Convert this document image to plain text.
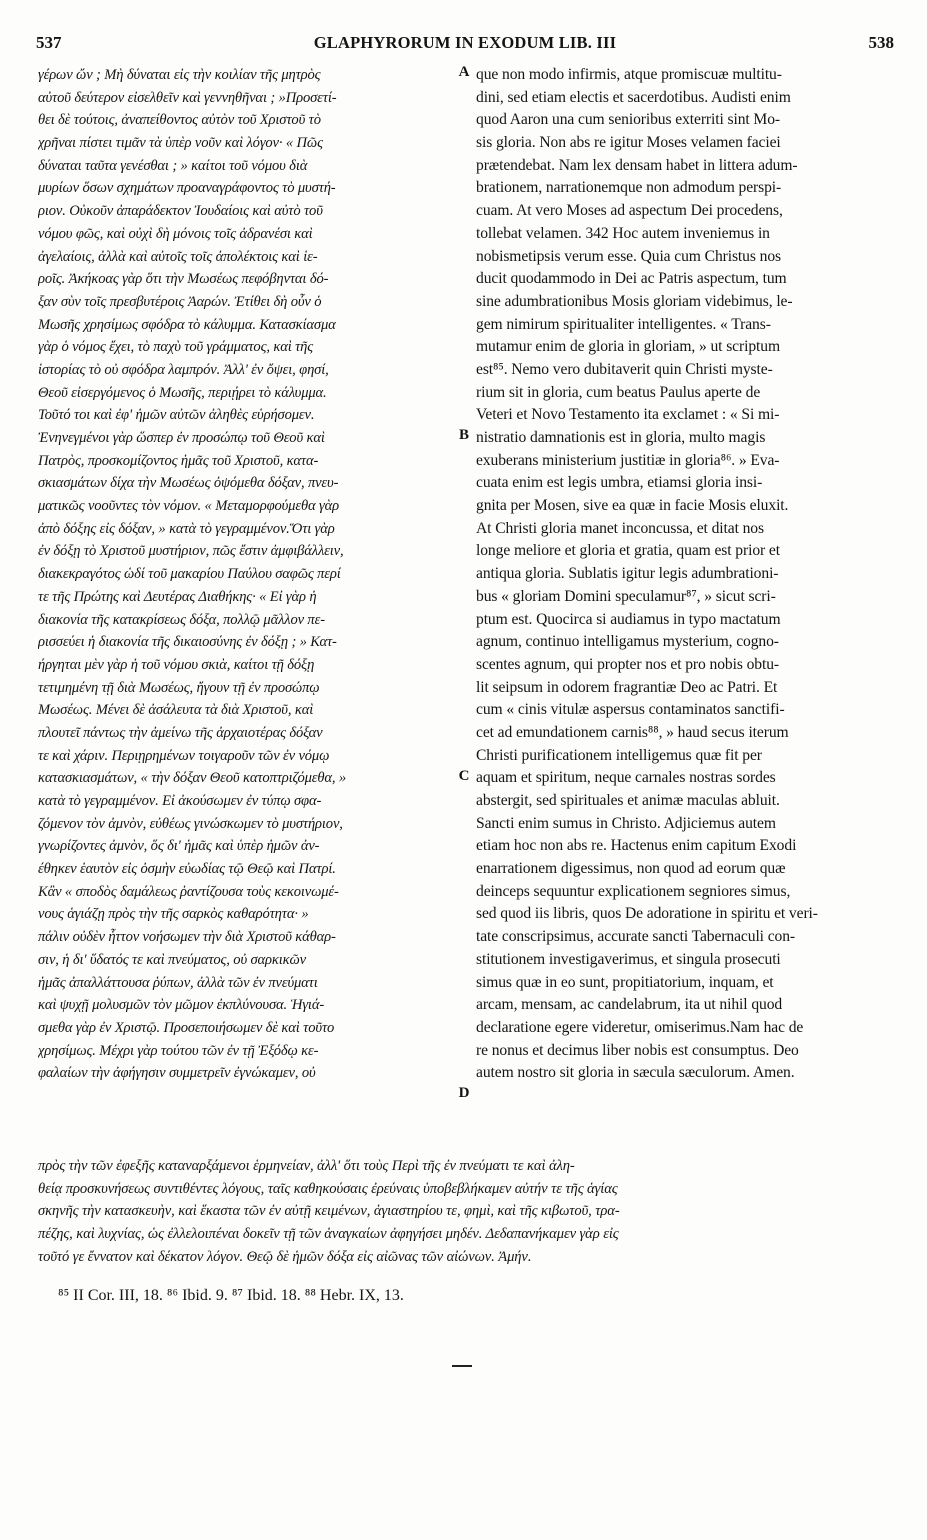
537	GLAPHYRORUM IN EXODUM LIB. III	538
γέρων ὤν ; Μὴ δύναται εἰς τὴν κοιλίαν τῆς μητρὸς
αὐτοῦ δεύτερον εἰσελθεῖν καὶ γεννηθῆναι ; »Προσετί-
θει δὲ τούτοις, ἀναπείθοντος αὐτὸν τοῦ Χριστοῦ τὸ
χρῆναι πίστει τιμᾶν τὰ ὑπὲρ νοῦν καὶ λόγον· « Πῶς
δύναται ταῦτα γενέσθαι ; » καίτοι τοῦ νόμου διὰ
μυρίων ὅσων σχημάτων προαναγράφοντος τὸ μυστή-
ριον. Οὐκοῦν ἀπαράδεκτον Ἰουδαίοις καὶ αὐτὸ τοῦ
νόμου φῶς, καὶ οὐχὶ δὴ μόνοις τοῖς ἀδρανέσι καὶ
ἀγελαίοις, ἀλλὰ καὶ αὐτοῖς τοῖς ἀπολέκτοις καὶ ἱε-
ροῖς. Ἀκήκοας γὰρ ὅτι τὴν Μωσέως πεφόβηνται δό-
ξαν σὺν τοῖς πρεσβυτέροις Ἀαρών. Ἐτίθει δὴ οὖν ὁ
Μωσῆς χρησίμως σφόδρα τὸ κάλυμμα. Κατασκίασμα
γὰρ ὁ νόμος ἔχει, τὸ παχὺ τοῦ γράμματος, καὶ τῆς
ἱστορίας τὸ οὐ σφόδρα λαμπρόν. Ἀλλ' ἐν ὄψει, φησί,
Θεοῦ εἰσεργόμενος ὁ Μωσῆς, περιῄρει τὸ κάλυμμα.
Τοῦτό τοι καὶ ἐφ' ἡμῶν αὐτῶν ἀληθὲς εὑρήσομεν.
Ἐνηνεγμένοι γὰρ ὥσπερ ἐν προσώπῳ τοῦ Θεοῦ καὶ
Πατρὸς, προσκομίζοντος ἡμᾶς τοῦ Χριστοῦ, κατα-
σκιασμάτων δίχα τὴν Μωσέως ὀψόμεθα δόξαν, πνευ-
ματικῶς νοοῦντες τὸν νόμον. « Μεταμορφούμεθα γὰρ
ἀπὸ δόξης εἰς δόξαν, » κατὰ τὸ γεγραμμένον.Ὅτι γὰρ
ἐν δόξῃ τὸ Χριστοῦ μυστήριον, πῶς ἔστιν ἀμφιβάλλειν,
διακεκραγότος ὡδί τοῦ μακαρίου Παύλου σαφῶς περί
τε τῆς Πρώτης καὶ Δευτέρας Διαθήκης· « Εἰ γὰρ ἡ
διακονία τῆς κατακρίσεως δόξα, πολλῷ μᾶλλον πε-
ρισσεύει ἡ διακονία τῆς δικαιοσύνης ἐν δόξῃ ; » Κατ-
ήργηται μὲν γὰρ ἡ τοῦ νόμου σκιὰ, καίτοι τῇ δόξῃ
τετιμημένη τῇ διὰ Μωσέως, ἤγουν τῇ ἐν προσώπῳ
Μωσέως. Μένει δὲ ἀσάλευτα τὰ διὰ Χριστοῦ, καὶ
πλουτεῖ πάντως τὴν ἀμείνω τῆς ἀρχαιοτέρας δόξαν
τε καὶ χάριν. Περιῃρημένων τοιγαροῦν τῶν ἐν νόμῳ
κατασκιασμάτων, « τὴν δόξαν Θεοῦ κατοπτριζόμεθα, »
κατὰ τὸ γεγραμμένον. Εἰ ἀκούσωμεν ἐν τύπῳ σφα-
ζόμενον τὸν ἀμνὸν, εὐθέως γινώσκωμεν τὸ μυστήριον,
γνωρίζοντες ἀμνὸν, ὅς δι' ἡμᾶς καὶ ὑπὲρ ἡμῶν ἀν-
έθηκεν ἑαυτὸν εἰς ὀσμὴν εὐωδίας τῷ Θεῷ καὶ Πατρί.
Κἂν « σποδὸς δαμάλεως ῥαντίζουσα τοὺς κεκοινωμέ-
νους ἁγιάζῃ πρὸς τὴν τῆς σαρκὸς καθαρότητα· »
πάλιν οὐδὲν ἧττον νοήσωμεν τὴν διὰ Χριστοῦ κάθαρ-
σιν, ἡ δι' ὕδατός τε καὶ πνεύματος, οὐ σαρκικῶν
ἡμᾶς ἀπαλλάττουσα ῥύπων, ἀλλὰ τῶν ἐν πνεύματι
καὶ ψυχῇ μολυσμῶν τὸν μῶμον ἐκπλύνουσα. Ἡγιά-
σμεθα γὰρ ἐν Χριστῷ. Προσεποιήσωμεν δὲ καὶ τοῦτο
χρησίμως. Μέχρι γὰρ τούτου τῶν ἐν τῇ Ἐξόδῳ κε-
φαλαίων τὴν ἀφήγησιν συμμετρεῖν ἐγνώκαμεν, οὐ
que non modo infirmis, atque promiscuæ multitu-
dini, sed etiam electis et sacerdotibus. Audisti enim
quod Aaron una cum senioribus exterriti sint Mo-
sis gloria. Non abs re igitur Moses velamen faciei
prætendebat. Nam lex densam habet in littera adum-
brationem, narrationemque non admodum perspi-
cuam. At vero Moses ad aspectum Dei procedens,
tollebat velamen. 342 Hoc autem inveniemus in
nobismetipsis verum esse. Quia cum Christus nos
ducit quodammodo in Dei ac Patris aspectum, tum
sine adumbrationibus Mosis gloriam videbimus, le-
gem nimirum spiritualiter intelligentes. « Trans-
mutamur enim de gloria in gloriam, » ut scriptum
est⁸⁵. Nemo vero dubitaverit quin Christi myste-
rium sit in gloria, cum beatus Paulus aperte de
Veteri et Novo Testamento ita exclamet : « Si mi-
nistratio damnationis est in gloria, multo magis
exuberans ministerium justitiæ in gloria⁸⁶. » Eva-
cuata enim est legis umbra, etiamsi gloria insi-
gnita per Mosen, sive ea quæ in facie Mosis eluxit.
At Christi gloria manet inconcussa, et ditat nos
longe meliore et gloria et gratia, quam est prior et
antiqua gloria. Sublatis igitur legis adumbrationi-
bus « gloriam Domini speculamur⁸⁷, » sicut scri-
ptum est. Quocirca si audiamus in typo mactatum
agnum, continuo intelligamus mysterium, cogno-
scentes agnum, qui propter nos et pro nobis obtu-
lit seipsum in odorem fragrantiæ Deo ac Patri. Et
cum « cinis vitulæ aspersus contaminatos sanctifi-
cet ad emundationem carnis⁸⁸, » haud secus iterum
Christi purificationem intelligemus quæ fit per
aquam et spiritum, neque carnales nostras sordes
abstergit, sed spirituales et animæ maculas abluit.
Sancti enim sumus in Christo. Adjiciemus autem
etiam hoc non abs re. Hactenus enim capitum Exodi
enarrationem digessimus, non quod ad eorum quæ
deinceps sequuntur explicationem segniores simus,
sed quod iis libris, quos De adoratione in spiritu et veri-
tate conscripsimus, accurate sancti Tabernaculi con-
stitutionem investigaverimus, et singula prosecuti
simus quæ in eo sunt, propitiatorium, inquam, et
arcam, mensam, ac candelabrum, ita ut nihil quod
declaratione egere videretur, omiserimus.Nam hac de
re nonus et decimus liber nobis est consumptus. Deo
autem nostro sit gloria in sæcula sæculorum. Amen.
A
B
C
D
πρὸς τὴν τῶν ἐφεξῆς καταναρξάμενοι ἑρμηνείαν, ἀλλ' ὅτι τοὺς Περὶ τῆς ἐν πνεύματι τε καὶ ἀλη-
θείᾳ προσκυνήσεως συντιθέντες λόγους, ταῖς καθηκούσαις ἐρεύναις ὑποβεβλήκαμεν αὐτήν τε τῆς ἁγίας
σκηνῆς τὴν κατασκευὴν, καὶ ἕκαστα τῶν ἐν αὐτῇ κειμένων, ἁγιαστηρίου τε, φημὶ, καὶ τῆς κιβωτοῦ, τρα-
πέζης, καὶ λυχνίας, ὡς ἐλλελοιπέναι δοκεῖν τῇ τῶν ἀναγκαίων ἀφηγήσει μηδέν. Δεδαπανήκαμεν γὰρ εἰς
τοῦτό γε ἔννατον καὶ δέκατον λόγον. Θεῷ δὲ ἡμῶν δόξα εἰς αἰῶνας τῶν αἰώνων. Ἀμήν.
⁸⁵ II Cor. III, 18. ⁸⁶ Ibid. 9. ⁸⁷ Ibid. 18. ⁸⁸ Hebr. IX, 13.
